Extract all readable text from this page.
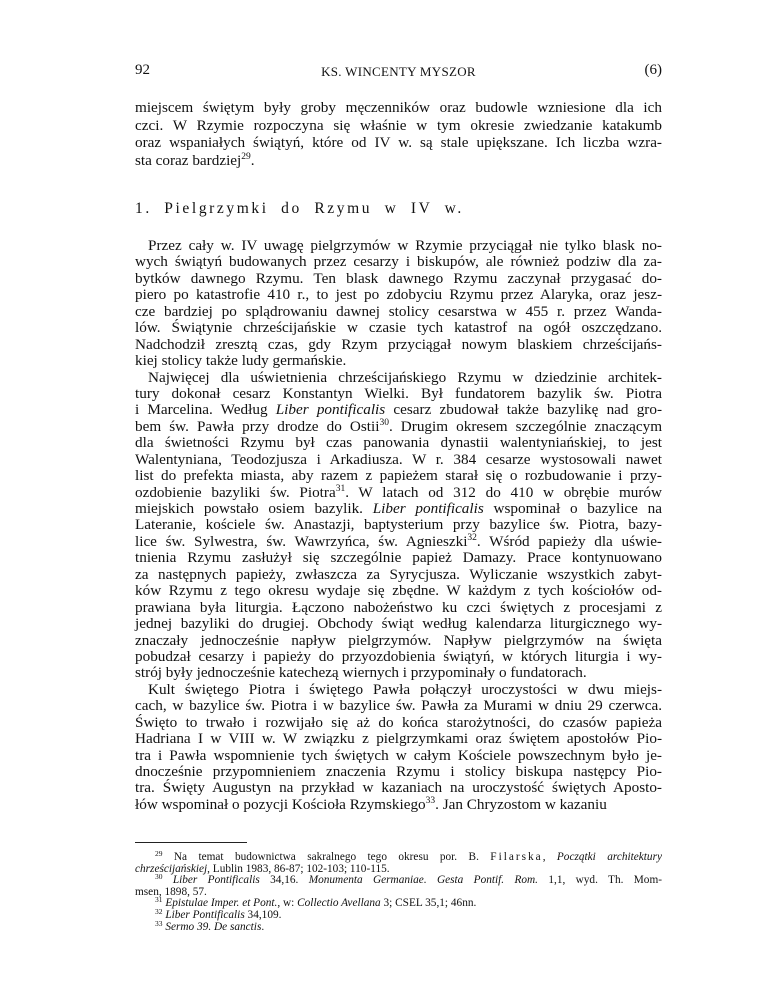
92	KS. WINCENTY MYSZOR	(6)
miejscem świętym były groby męczenników oraz budowle wzniesione dla ich
czci. W Rzymie rozpoczyna się właśnie w tym okresie zwiedzanie katakumb
oraz wspaniałych świątyń, które od IV w. są stale upiększane. Ich liczba wzra-
sta coraz bardziej$^{29}$.
1. Pielgrzymki do Rzymu w IV w.
Przez cały w. IV uwagę pielgrzymów w Rzymie przyciągał nie tylko blask no-
wych świątyń budowanych przez cesarzy i biskupów, ale również podziw dla za-
bytków dawnego Rzymu. Ten blask dawnego Rzymu zaczynał przygasać do-
piero po katastrofie 410 r., to jest po zdobyciu Rzymu przez Alaryka, oraz jesz-
cze bardziej po splądrowaniu dawnej stolicy cesarstwa w 455 r. przez Wanda-
lów. Świątynie chrześcijańskie w czasie tych katastrof na ogół oszczędzano.
Nadchodził zresztą czas, gdy Rzym przyciągał nowym blaskiem chrześcijańs-
kiej stolicy także ludy germańskie.
Najwięcej dla uświetnienia chrześcijańskiego Rzymu w dziedzinie architek-
tury dokonał cesarz Konstantyn Wielki. Był fundatorem bazylik św. Piotra
i Marcelina. Według Liber pontificalis cesarz zbudował także bazylikę nad gro-
bem św. Pawła przy drodze do Ostii$^{30}$. Drugim okresem szczególnie znaczącym
dla świetności Rzymu był czas panowania dynastii walentyniańskiej, to jest
Walentyniana, Teodozjusza i Arkadiusza. W r. 384 cesarze wystosowali nawet
list do prefekta miasta, aby razem z papieżem starał się o rozbudowanie i przy-
ozdobienie bazyliki św. Piotra$^{31}$. W latach od 312 do 410 w obrębie murów
miejskich powstało osiem bazylik. Liber pontificalis wspominał o bazylice na
Lateranie, kościele św. Anastazji, baptysterium przy bazylice św. Piotra, bazy-
lice św. Sylwestra, św. Wawrzyńca, św. Agnieszki$^{32}$. Wśród papieży dla uświe-
tnienia Rzymu zasłużył się szczególnie papież Damazy. Prace kontynuowano
za następnych papieży, zwłaszcza za Syrycjusza. Wyliczanie wszystkich zabyt-
ków Rzymu z tego okresu wydaje się zbędne. W każdym z tych kościołów od-
prawiana była liturgia. Łączono nabożeństwo ku czci świętych z procesjami z
jednej bazyliki do drugiej. Obchody świąt według kalendarza liturgicznego wy-
znaczały jednocześnie napływ pielgrzymów. Napływ pielgrzymów na święta
pobudzał cesarzy i papieży do przyozdobienia świątyń, w których liturgia i wy-
strój były jednocześnie katechezą wiernych i przypominały o fundatorach.
Kult świętego Piotra i świętego Pawła połączył uroczystości w dwu miejs-
cach, w bazylice św. Piotra i w bazylice św. Pawła za Murami w dniu 29 czerwca.
Święto to trwało i rozwijało się aż do końca starożytności, do czasów papieża
Hadriana I w VIII w. W związku z pielgrzymkami oraz świętem apostołów Pio-
tra i Pawła wspomnienie tych świętych w całym Kościele powszechnym było je-
dnocześnie przypomnieniem znaczenia Rzymu i stolicy biskupa następcy Pio-
tra. Święty Augustyn na przykład w kazaniach na uroczystość świętych Aposto-
łów wspominał o pozycji Kościoła Rzymskiego$^{33}$. Jan Chryzostom w kazaniu
$^{29}$ Na temat budownictwa sakralnego tego okresu por. B. Filarska, Początki architektury
chrześcijańskiej, Lublin 1983, 86-87; 102-103; 110-115.
$^{30}$ Liber Pontificalis 34,16. Monumenta Germaniae. Gesta Pontif. Rom. 1,1, wyd. Th. Mom-
msen, 1898, 57.
$^{31}$ Epistulae Imper. et Pont., w: Collectio Avellana 3; CSEL 35,1; 46nn.
$^{32}$ Liber Pontificalis 34,109.
$^{33}$ Sermo 39. De sanctis.
